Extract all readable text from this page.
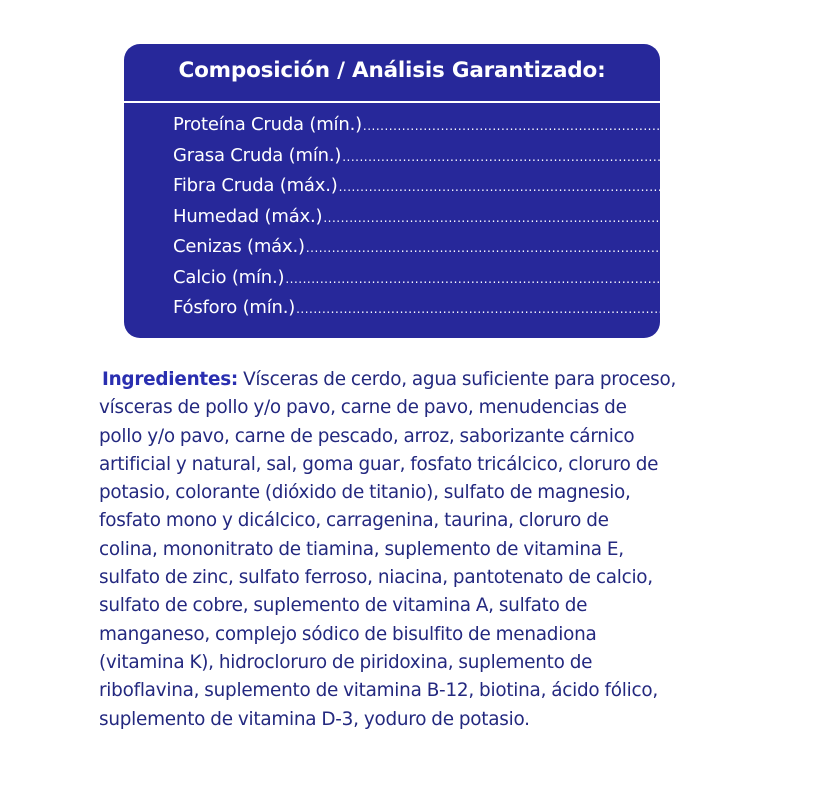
Composición / Análisis Garantizado:
Proteína Cruda (mín.) ............................................................................................ 10,0%
Grasa Cruda (mín.) ............................................................................................ 5,0%
Fibra Cruda (máx.) ............................................................................................ 1,0%
Humedad (máx.) ............................................................................................ 78,0%
Cenizas (máx.) ............................................................................................ 3,3%
Calcio (mín.) ............................................................................................ 0,22%
Fósforo (mín.) ............................................................................................ 0,18%
Ingredientes: Vísceras de cerdo, agua suficiente para proceso,
vísceras de pollo y/o pavo, carne de pavo, menudencias de
pollo y/o pavo, carne de pescado, arroz, saborizante cárnico
artificial y natural, sal, goma guar, fosfato tricálcico, cloruro de
potasio, colorante (dióxido de titanio), sulfato de magnesio,
fosfato mono y dicálcico, carragenina, taurina, cloruro de
colina, mononitrato de tiamina, suplemento de vitamina E,
sulfato de zinc, sulfato ferroso, niacina, pantotenato de calcio,
sulfato de cobre, suplemento de vitamina A, sulfato de
manganeso, complejo sódico de bisulfito de menadiona
(vitamina K), hidrocloruro de piridoxina, suplemento de
riboflavina, suplemento de vitamina B-12, biotina, ácido fólico,
suplemento de vitamina D-3, yoduro de potasio.
